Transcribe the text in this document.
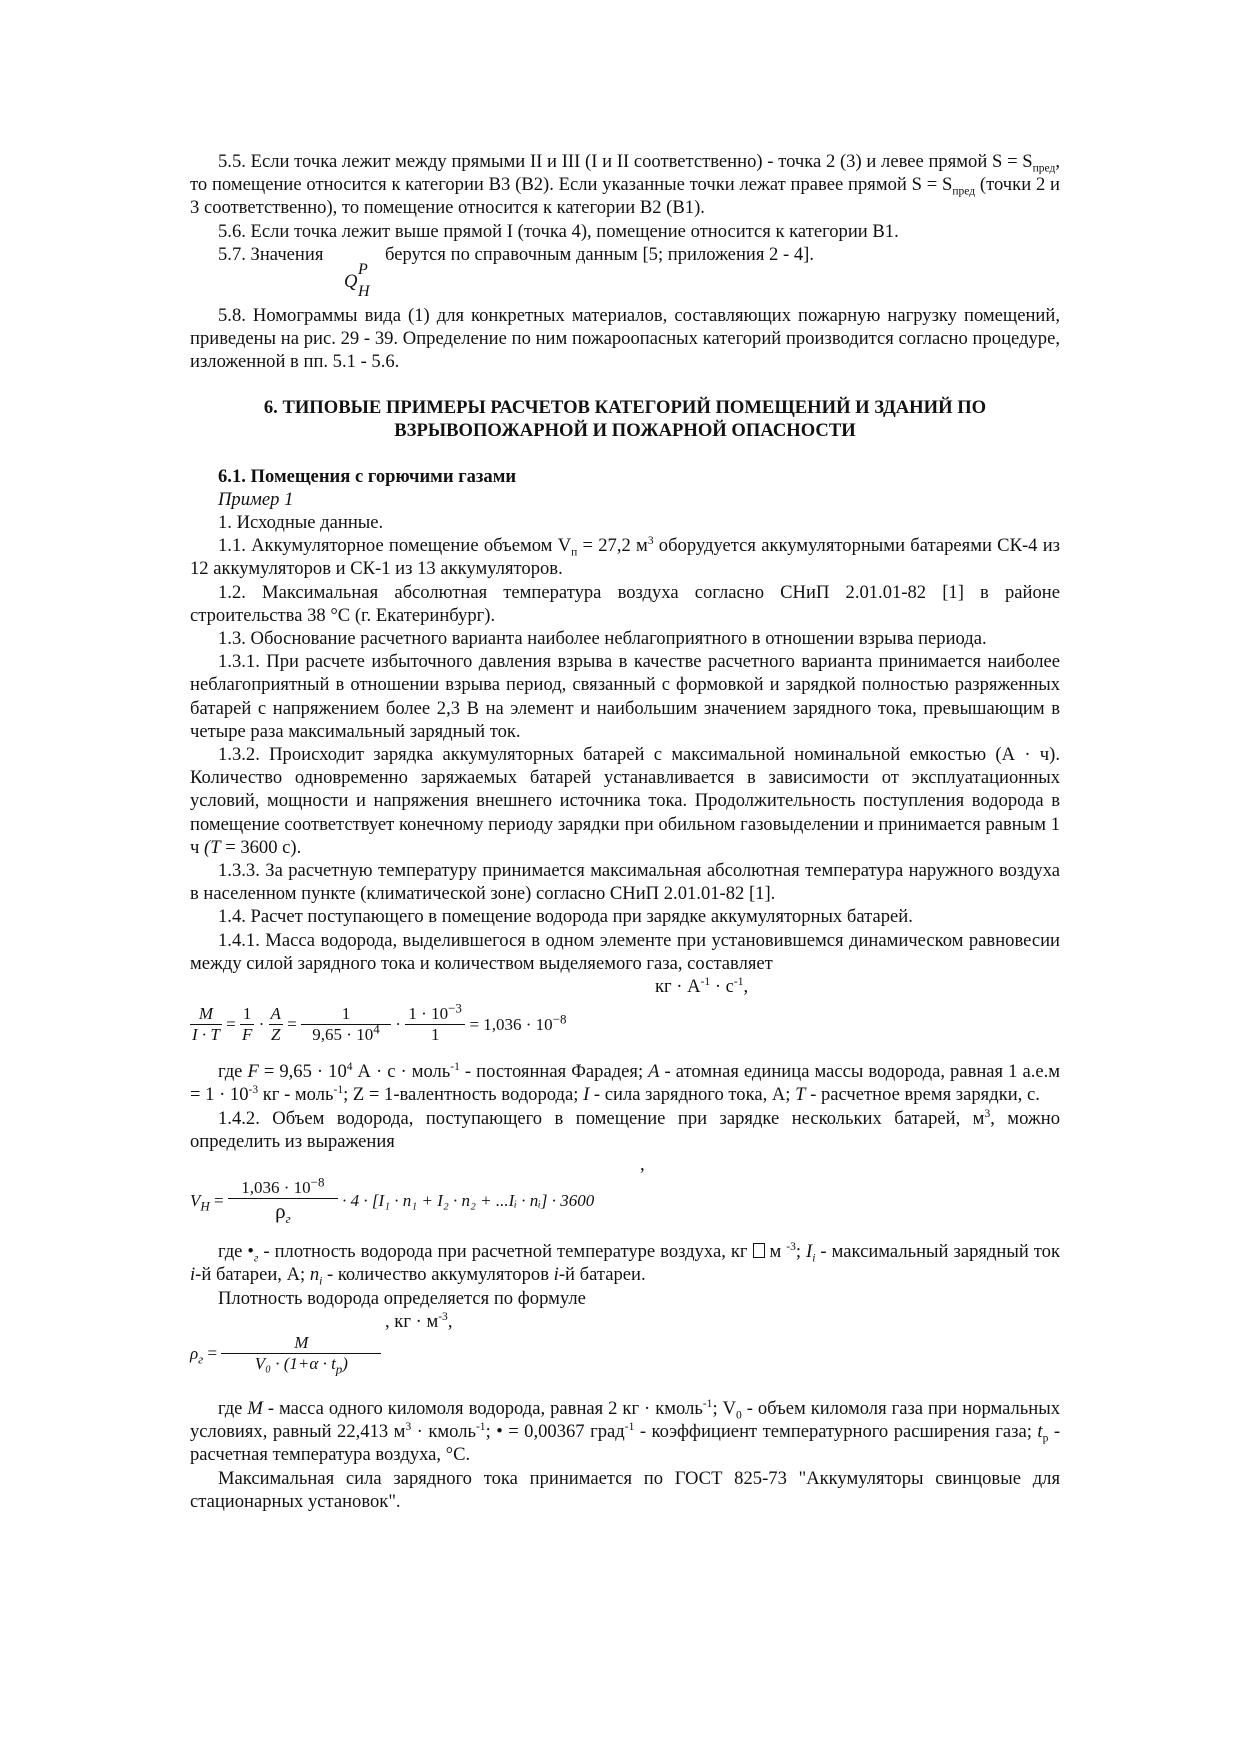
5.5. Если точка лежит между прямыми II и III (I и II соответственно) - точка 2 (3) и левее прямой $S = S_{пред}$, то помещение относится к категории В3 (В2). Если указанные точки лежат правее прямой $S = S_{пред}$ (точки 2 и 3 соответственно), то помещение относится к категории В2 (В1).

5.6. Если точка лежит выше прямой I (точка 4), помещение относится к категории В1.

5.7. Значения	берутся по справочным данным [5; приложения 2 - 4].
Q
P
H

5.8. Номограммы вида (1) для конкретных материалов, составляющих пожарную нагрузку помещений, приведены на рис. 29 - 39. Определение по ним пожароопасных категорий производится согласно процедуре, изложенной в пп. 5.1 - 5.6.

6. ТИПОВЫЕ ПРИМЕРЫ РАСЧЕТОВ КАТЕГОРИЙ ПОМЕЩЕНИЙ И ЗДАНИЙ ПО ВЗРЫВОПОЖАРНОЙ И ПОЖАРНОЙ ОПАСНОСТИ

6.1. Помещения с горючими газами

Пример 1

1. Исходные данные.

1.1. Аккумуляторное помещение объемом $V_п = 27,2$ $м^3$ оборудуется аккумуляторными батареями СК-4 из 12 аккумуляторов и СК-1 из 13 аккумуляторов.

1.2. Максимальная абсолютная температура воздуха согласно СНиП 2.01.01-82 [1] в районе строительства 38 °С (г. Екатеринбург).

1.3. Обоснование расчетного варианта наиболее неблагоприятного в отношении взрыва периода.

1.3.1. При расчете избыточного давления взрыва в качестве расчетного варианта принимается наиболее неблагоприятный в отношении взрыва период, связанный с формовкой и зарядкой полностью разряженных батарей с напряжением более 2,3 В на элемент и наибольшим значением зарядного тока, превышающим в четыре раза максимальный зарядный ток.

1.3.2. Происходит зарядка аккумуляторных батарей с максимальной номинальной емкостью (А · ч). Количество одновременно заряжаемых батарей устанавливается в зависимости от эксплуатационных условий, мощности и напряжения внешнего источника тока. Продолжительность поступления водорода в помещение соответствует конечному периоду зарядки при обильном газовыделении и принимается равным 1 ч (T = 3600 с).

1.3.3. За расчетную температуру принимается максимальная абсолютная температура наружного воздуха в населенном пункте (климатической зоне) согласно СНиП 2.01.01-82 [1].

1.4. Расчет поступающего в помещение водорода при зарядке аккумуляторных батарей.

1.4.1. Масса водорода, выделившегося в одном элементе при установившемся динамическом равновесии между силой зарядного тока и количеством выделяемого газа, составляет

кг · $А^{-1} \cdot с^{-1}$,
$\frac{M}{I \cdot T} = \frac{1}{F} \cdot \frac{A}{Z} = \frac{1}{9,65 \cdot 10^4} \cdot \frac{1 \cdot 10^{-3}}{1} = 1,036 \cdot 10^{-8}$

где $F = 9,65 \cdot 10^4$ А · с · моль$^{-1}$ - постоянная Фарадея; А - атомная единица массы водорода, равная 1 $а.е.м = 1 \cdot 10^{-3}$ кг - моль$^{-1}$; Z = 1-валентность водорода; I - сила зарядного тока, А; Т - расчетное время зарядки, с.

1.4.2. Объем водорода, поступающего в помещение при зарядке нескольких батарей, $м^3$, можно определить из выражения

,
$V_H = \frac{1,036 \cdot 10^{-8}}{\rho_г} \cdot 4 \cdot [I_1 \cdot n_1 + I_2 \cdot n_2$ + ...Iᵢ · nᵢ] · 3600

где $•_г$ - плотность водорода при расчетной температуре воздуха, кг  м $^{-3}$; $I_i$ - максимальный зарядный ток i-й батареи, А; $n_i$ - количество аккумуляторов i-й батареи.

Плотность водорода определяется по формуле

, кг · $м^{-3}$,
$\rho_г = \frac{M}{V_0 \cdot (1+\alpha \cdot t_р)}$

где М - масса одного киломоля водорода, равная 2 кг · кмоль$^{-1}$; $V_0$ - объем киломоля газа при нормальных условиях, равный 22,413 $м^3$ · кмоль$^{-1}$; • = 0,00367 град$^{-1}$ - коэффициент температурного расширения газа; $t_р$ - расчетная температура воздуха, °С.

Максимальная сила зарядного тока принимается по ГОСТ 825-73 "Аккумуляторы свинцовые для стационарных установок".
